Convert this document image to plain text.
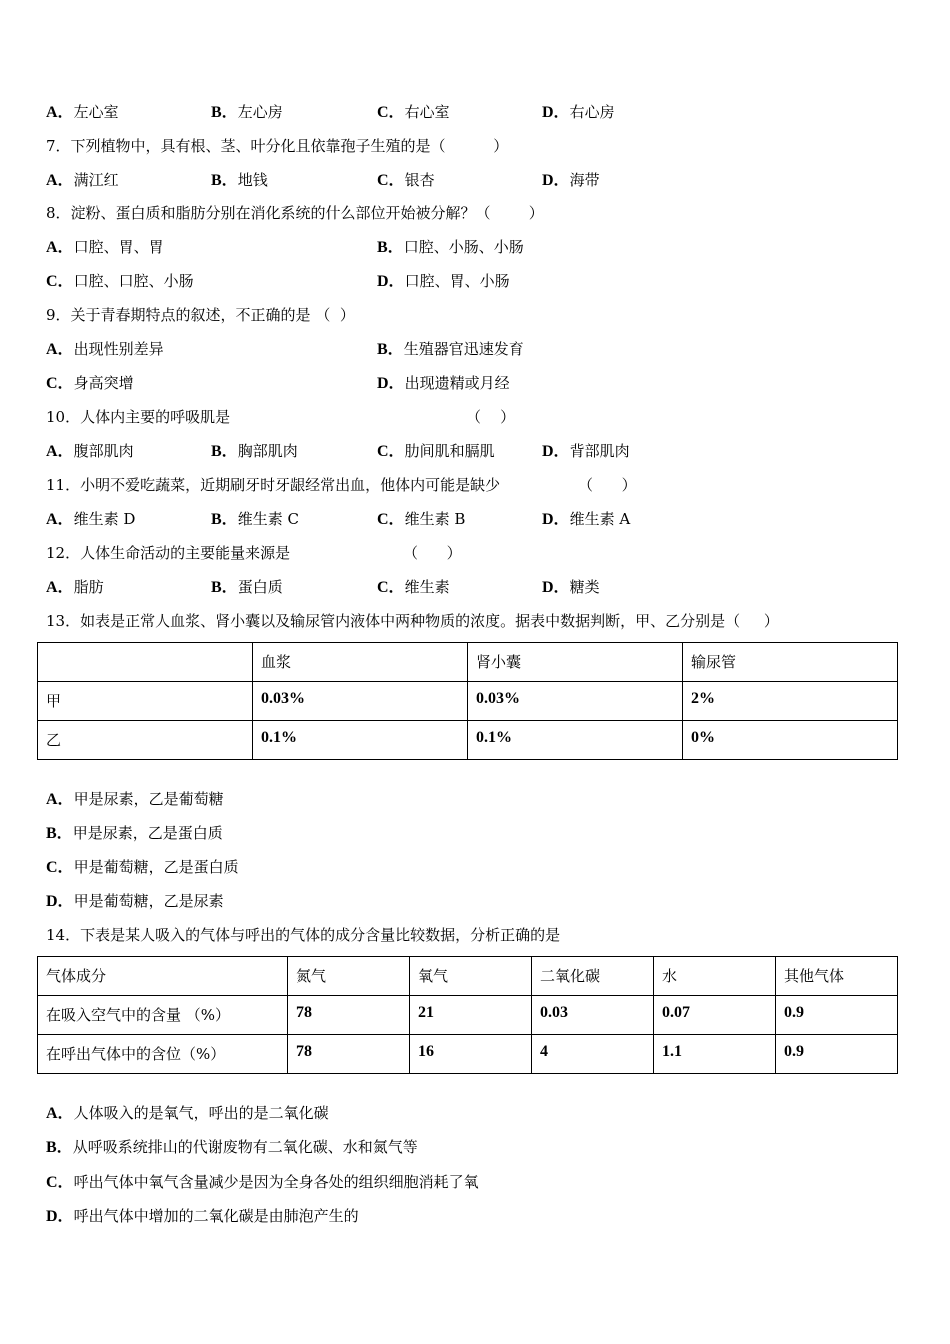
A．左心室	B．左心房	C．右心室	D．右心房
7．下列植物中，具有根、茎、叶分化且依靠孢子生殖的是（          ）
A．满江红	B．地钱	C．银杏	D．海带
8．淀粉、蛋白质和脂肪分别在消化系统的什么部位开始被分解？（        ）
A．口腔、胃、胃	B．口腔、小肠、小肠
C．口腔、口腔、小肠	D．口腔、胃、小肠
9．关于青春期特点的叙述，不正确的是 （  ）
A．出现性别差异	B．生殖器官迅速发育
C．身高突增	D．出现遗精或月经
10．人体内主要的呼吸肌是	（    ）
A．腹部肌肉	B．胸部肌肉	C．肋间肌和膈肌	D．背部肌肉
11．小明不爱吃蔬菜，近期刷牙时牙龈经常出血，他体内可能是缺少	（      ）
A．维生素 D	B．维生素 C	C．维生素 B	D．维生素 A
12．人体生命活动的主要能量来源是	（      ）
A．脂肪	B．蛋白质	C．维生素	D．糖类
13．如表是正常人血浆、肾小囊以及输尿管内液体中两种物质的浓度。据表中数据判断，甲、乙分别是（     ）
	血浆	肾小囊	输尿管
甲	0.03%	0.03%	2%
乙	0.1%	0.1%	0%
A．甲是尿素，乙是葡萄糖
B．甲是尿素，乙是蛋白质
C．甲是葡萄糖，乙是蛋白质
D．甲是葡萄糖，乙是尿素
14．下表是某人吸入的气体与呼出的气体的成分含量比较数据，分析正确的是
气体成分	氮气	氧气	二氧化碳	水	其他气体
在吸入空气中的含量 （%）	78	21	0.03	0.07	0.9
在呼出气体中的含位（%）	78	16	4	1.1	0.9
A．人体吸入的是氧气，呼出的是二氧化碳
B．从呼吸系统排山的代谢废物有二氧化碳、水和氮气等
C．呼出气体中氧气含量减少是因为全身各处的组织细胞消耗了氧
D．呼出气体中增加的二氧化碳是由肺泡产生的
